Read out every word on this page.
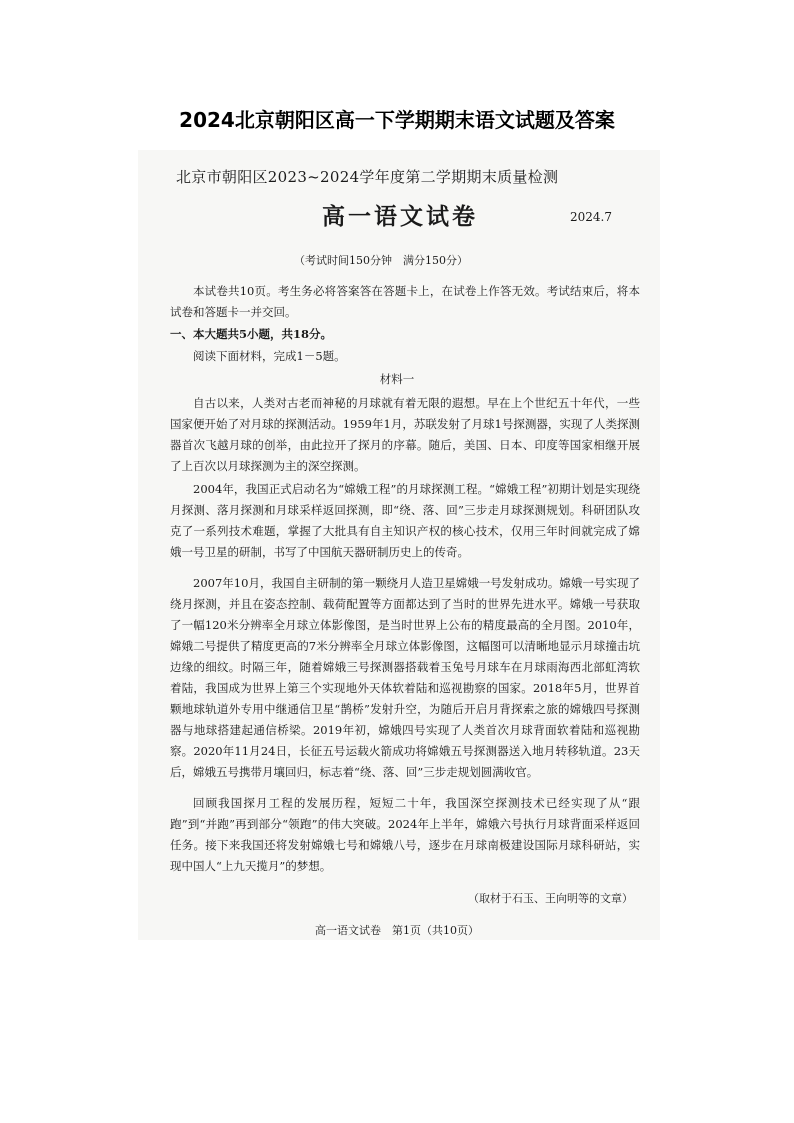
2024北京朝阳区高一下学期期末语文试题及答案
北京市朝阳区2023~2024学年度第二学期期末质量检测
高一语文试卷	2024.7
（考试时间150分钟　满分150分）

本试卷共10页。考生务必将答案答在答题卡上，在试卷上作答无效。考试结束后，将本试卷和答题卡一并交回。

一、本大题共5小题，共18分。

阅读下面材料，完成1－5题。

材料一

自古以来，人类对古老而神秘的月球就有着无限的遐想。早在上个世纪五十年代，一些国家便开始了对月球的探测活动。1959年1月，苏联发射了月球1号探测器，实现了人类探测器首次飞越月球的创举，由此拉开了探月的序幕。随后，美国、日本、印度等国家相继开展了上百次以月球探测为主的深空探测。

2004年，我国正式启动名为“嫦娥工程”的月球探测工程。“嫦娥工程”初期计划是实现绕月探测、落月探测和月球采样返回探测，即“绕、落、回”三步走月球探测规划。科研团队攻克了一系列技术难题，掌握了大批具有自主知识产权的核心技术，仅用三年时间就完成了嫦娥一号卫星的研制，书写了中国航天器研制历史上的传奇。

2007年10月，我国自主研制的第一颗绕月人造卫星嫦娥一号发射成功。嫦娥一号实现了绕月探测，并且在姿态控制、载荷配置等方面都达到了当时的世界先进水平。嫦娥一号获取了一幅120米分辨率全月球立体影像图，是当时世界上公布的精度最高的全月图。2010年，嫦娥二号提供了精度更高的7米分辨率全月球立体影像图，这幅图可以清晰地显示月球撞击坑边缘的细纹。时隔三年，随着嫦娥三号探测器搭载着玉兔号月球车在月球雨海西北部虹湾软着陆，我国成为世界上第三个实现地外天体软着陆和巡视勘察的国家。2018年5月，世界首颗地球轨道外专用中继通信卫星“鹊桥”发射升空，为随后开启月背探索之旅的嫦娥四号探测器与地球搭建起通信桥梁。2019年初，嫦娥四号实现了人类首次月球背面软着陆和巡视勘察。2020年11月24日，长征五号运载火箭成功将嫦娥五号探测器送入地月转移轨道。23天后，嫦娥五号携带月壤回归，标志着“绕、落、回”三步走规划圆满收官。

回顾我国探月工程的发展历程，短短二十年，我国深空探测技术已经实现了从“跟跑”到“并跑”再到部分“领跑”的伟大突破。2024年上半年，嫦娥六号执行月球背面采样返回任务。接下来我国还将发射嫦娥七号和嫦娥八号，逐步在月球南极建设国际月球科研站，实现中国人“上九天揽月”的梦想。

（取材于石玉、王向明等的文章）
高一语文试卷　第1页（共10页）
